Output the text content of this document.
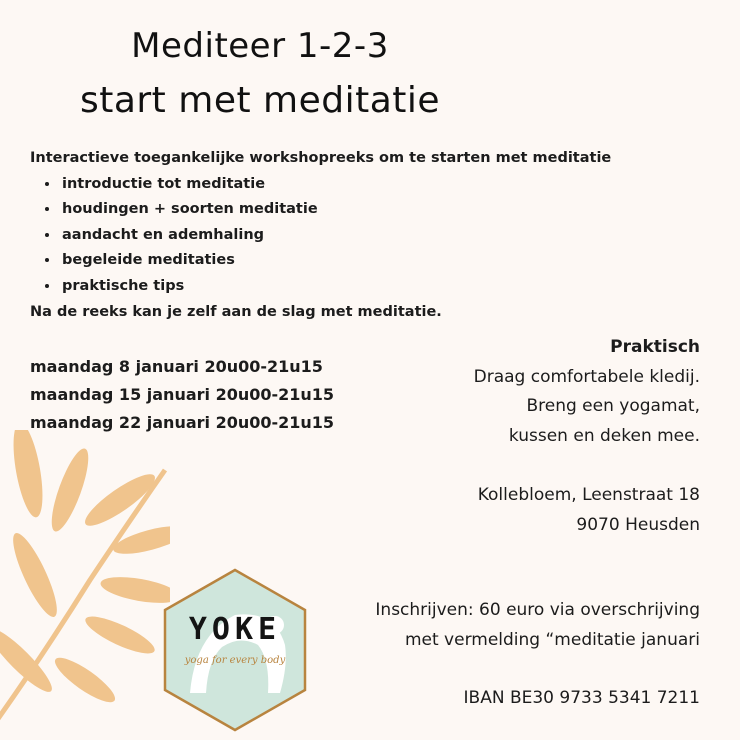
Mediteer 1-2-3
start met meditatie
Interactieve toegankelijke workshopreeks om te starten met meditatie
• introductie tot meditatie
• houdingen + soorten meditatie
• aandacht en ademhaling
• begeleide meditaties
• praktische tips
Na de reeks kan je zelf aan de slag met meditatie.
maandag 8 januari 20u00-21u15
maandag 15 januari 20u00-21u15
maandag 22 januari 20u00-21u15
Praktisch
Draag comfortabele kledij.
Breng een yogamat,
kussen en deken mee.
Kollebloem, Leenstraat 18
9070 Heusden
Inschrijven: 60 euro via overschrijving
met vermelding “meditatie januari
IBAN BE30 9733 5341 7211
YOKE
yoga for every body
